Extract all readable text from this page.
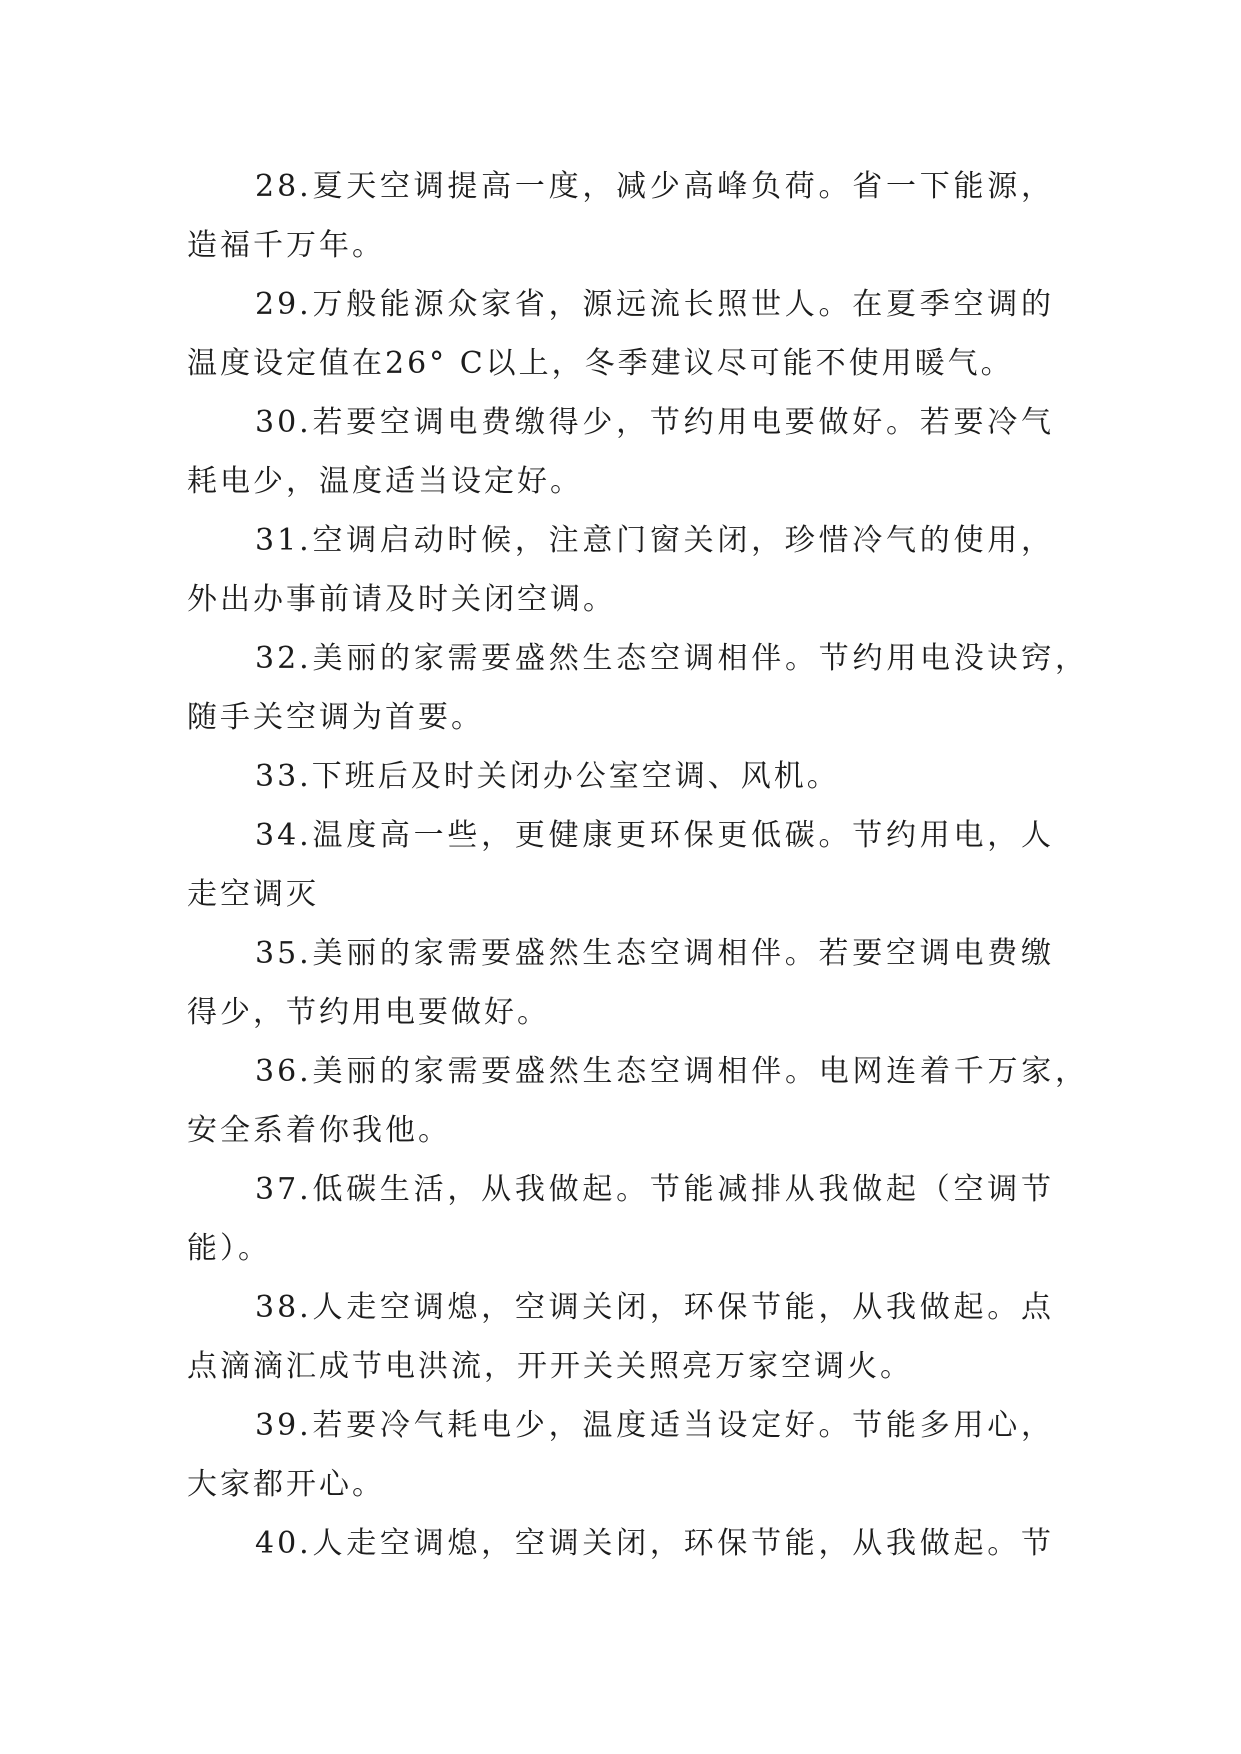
28.夏天空调提高一度，减少高峰负荷。省一下能源，
造福千万年。
29.万般能源众家省，源远流长照世人。在夏季空调的
温度设定值在26° C以上，冬季建议尽可能不使用暖气。
30.若要空调电费缴得少，节约用电要做好。若要冷气
耗电少，温度适当设定好。
31.空调启动时候，注意门窗关闭，珍惜冷气的使用，
外出办事前请及时关闭空调。
32.美丽的家需要盛然生态空调相伴。节约用电没诀窍，
随手关空调为首要。
33.下班后及时关闭办公室空调、风机。
34.温度高一些，更健康更环保更低碳。节约用电，人
走空调灭
35.美丽的家需要盛然生态空调相伴。若要空调电费缴
得少，节约用电要做好。
36.美丽的家需要盛然生态空调相伴。电网连着千万家，
安全系着你我他。
37.低碳生活，从我做起。节能减排从我做起（空调节
能）。
38.人走空调熄，空调关闭，环保节能，从我做起。点
点滴滴汇成节电洪流，开开关关照亮万家空调火。
39.若要冷气耗电少，温度适当设定好。节能多用心，
大家都开心。
40.人走空调熄，空调关闭，环保节能，从我做起。节
